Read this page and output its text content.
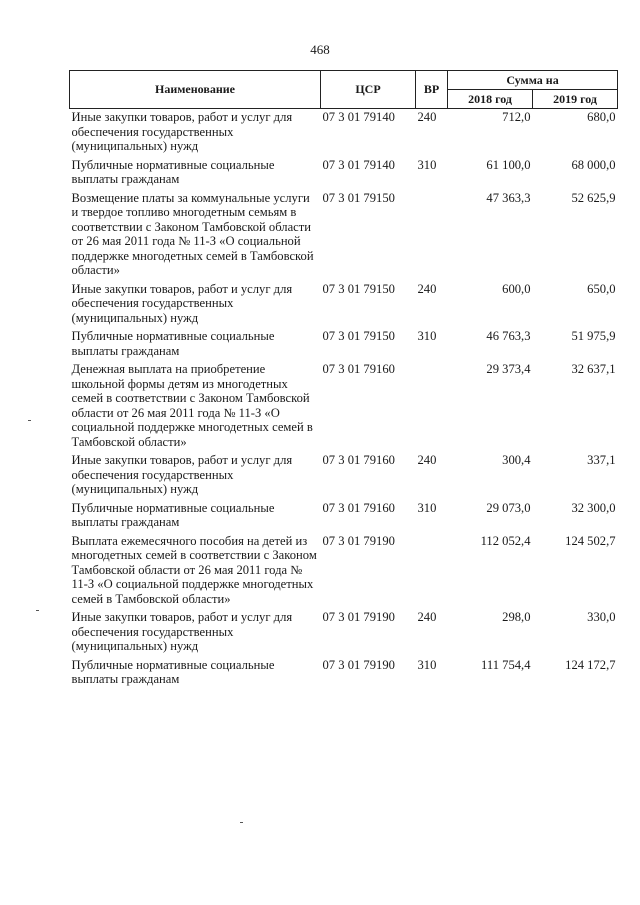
468
Наименование	ЦСР	ВР	Сумма на	
			2018 год	2019 год
Иные закупки товаров, работ и услуг для обеспечения государственных (муниципальных) нужд	07 3 01 79140	240	712,0	680,0
Публичные нормативные социальные выплаты гражданам	07 3 01 79140	310	61 100,0	68 000,0
Возмещение платы за коммунальные услуги и твердое топливо многодетным семьям в соответствии с Законом Тамбовской области от 26 мая 2011 года № 11-З «О социальной поддержке многодетных семей в Тамбовской области»	07 3 01 79150		47 363,3	52 625,9
Иные закупки товаров, работ и услуг для обеспечения государственных (муниципальных) нужд	07 3 01 79150	240	600,0	650,0
Публичные нормативные социальные выплаты гражданам	07 3 01 79150	310	46 763,3	51 975,9
Денежная выплата на приобретение школьной формы детям из многодетных семей в соответствии с Законом Тамбовской области от 26 мая 2011 года № 11-З «О социальной поддержке многодетных семей в Тамбовской области»	07 3 01 79160		29 373,4	32 637,1
Иные закупки товаров, работ и услуг для обеспечения государственных (муниципальных) нужд	07 3 01 79160	240	300,4	337,1
Публичные нормативные социальные выплаты гражданам	07 3 01 79160	310	29 073,0	32 300,0
Выплата ежемесячного пособия на детей из многодетных семей в соответствии с Законом Тамбовской области от 26 мая 2011 года № 11-З «О социальной поддержке многодетных семей в Тамбовской области»	07 3 01 79190		112 052,4	124 502,7
Иные закупки товаров, работ и услуг для обеспечения государственных (муниципальных) нужд	07 3 01 79190	240	298,0	330,0
Публичные нормативные социальные выплаты гражданам	07 3 01 79190	310	111 754,4	124 172,7
